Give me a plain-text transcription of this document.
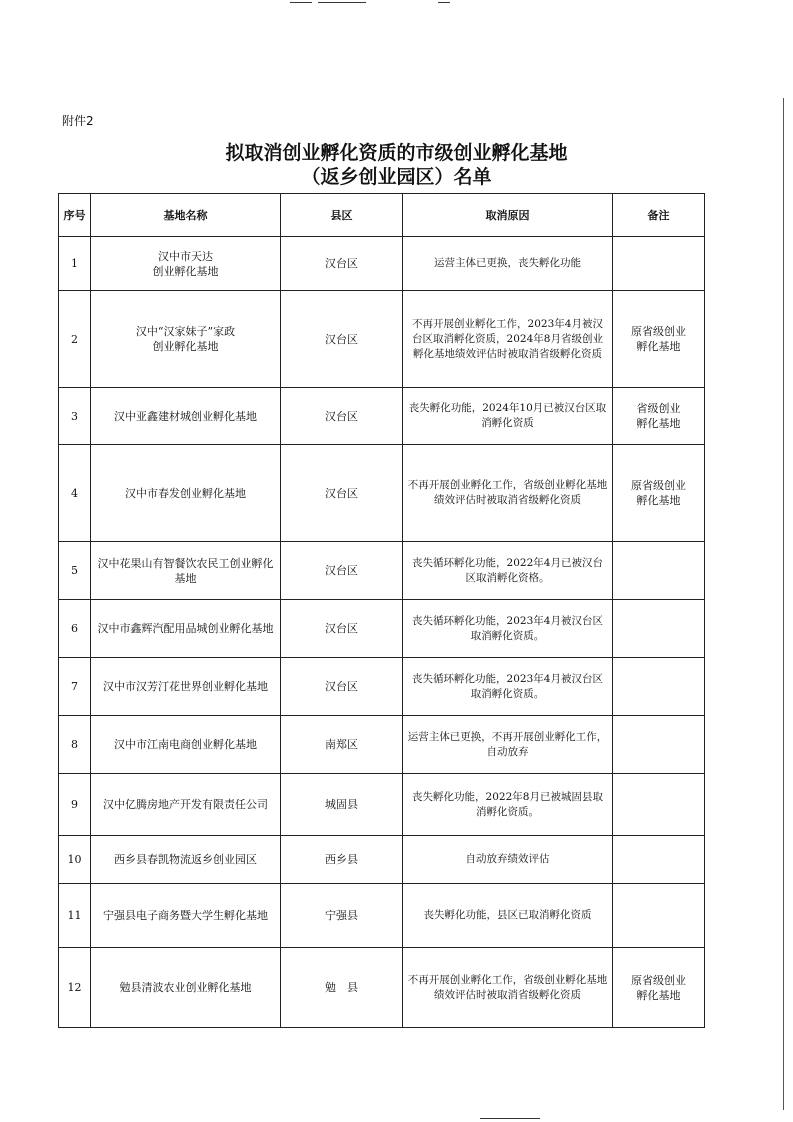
附件2
拟取消创业孵化资质的市级创业孵化基地
（返乡创业园区）名单
序号	基地名称	县区	取消原因	备注
1	汉中市天达
创业孵化基地	汉台区	运营主体已更换，丧失孵化功能	
2	汉中“汉家妹子”家政
创业孵化基地	汉台区	不再开展创业孵化工作，2023年4月被汉台区取消孵化资质，2024年8月省级创业孵化基地绩效评估时被取消省级孵化资质	原省级创业
孵化基地
3	汉中亚鑫建材城创业孵化基地	汉台区	丧失孵化功能，2024年10月已被汉台区取消孵化资质	省级创业
孵化基地
4	汉中市春发创业孵化基地	汉台区	不再开展创业孵化工作，省级创业孵化基地绩效评估时被取消省级孵化资质	原省级创业
孵化基地
5	汉中花果山有智餐饮农民工创业孵化基地	汉台区	丧失循环孵化功能，2022年4月已被汉台区取消孵化资格。	
6	汉中市鑫辉汽配用品城创业孵化基地	汉台区	丧失循环孵化功能，2023年4月被汉台区取消孵化资质。	
7	汉中市汉芳汀花世界创业孵化基地	汉台区	丧失循环孵化功能，2023年4月被汉台区取消孵化资质。	
8	汉中市江南电商创业孵化基地	南郑区	运营主体已更换，不再开展创业孵化工作，自动放弃	
9	汉中亿腾房地产开发有限责任公司	城固县	丧失孵化功能，2022年8月已被城固县取消孵化资质。	
10	西乡县春凯物流返乡创业园区	西乡县	自动放弃绩效评估	
11	宁强县电子商务暨大学生孵化基地	宁强县	丧失孵化功能，县区已取消孵化资质	
12	勉县清波农业创业孵化基地	勉　县	不再开展创业孵化工作，省级创业孵化基地绩效评估时被取消省级孵化资质	原省级创业
孵化基地
